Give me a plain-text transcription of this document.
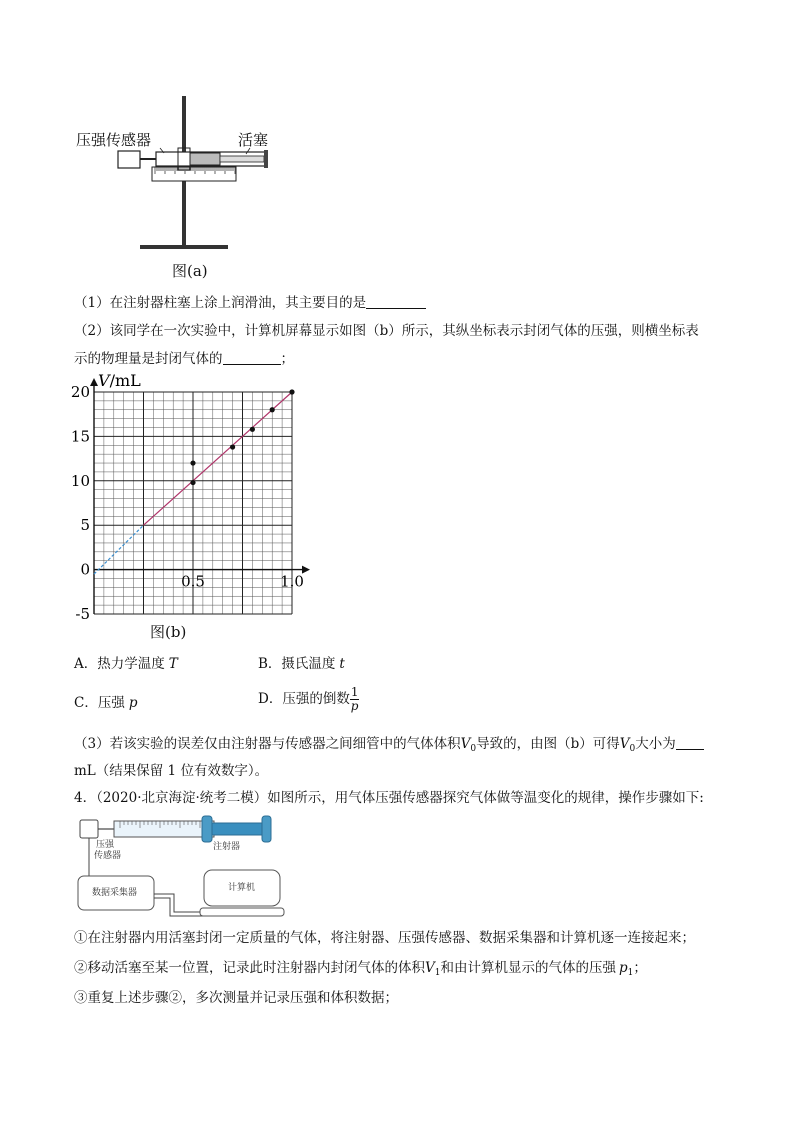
压强传感器	活塞
图(a)
（1）在注射器柱塞上涂上润滑油，其主要目的是
（2）该同学在一次实验中，计算机屏幕显示如图（b）所示，其纵坐标表示封闭气体的压强，则横坐标表
示的物理量是封闭气体的	；
20
15
10
5
0
-5
0.5	1.0
V/mL
图(b)
A．热力学温度 T	B．摄氏温度 t
C．压强 p	D．压强的倒数 $\frac{1}{p}$
（3）若该实验的误差仅由注射器与传感器之间细管中的气体体积$V_0$导致的，由图（b）可得$V_0$大小为
mL（结果保留 1 位有效数字）。
4．（2020·北京海淀·统考二模）如图所示，用气体压强传感器探究气体做等温变化的规律，操作步骤如下:
压强
传感器
注射器
数据采集器	计算机
①在注射器内用活塞封闭一定质量的气体，将注射器、压强传感器、数据采集器和计算机逐一连接起来；
②移动活塞至某一位置，记录此时注射器内封闭气体的体积$V_1$和由计算机显示的气体的压强 $p_1$；
③重复上述步骤②，多次测量并记录压强和体积数据；
